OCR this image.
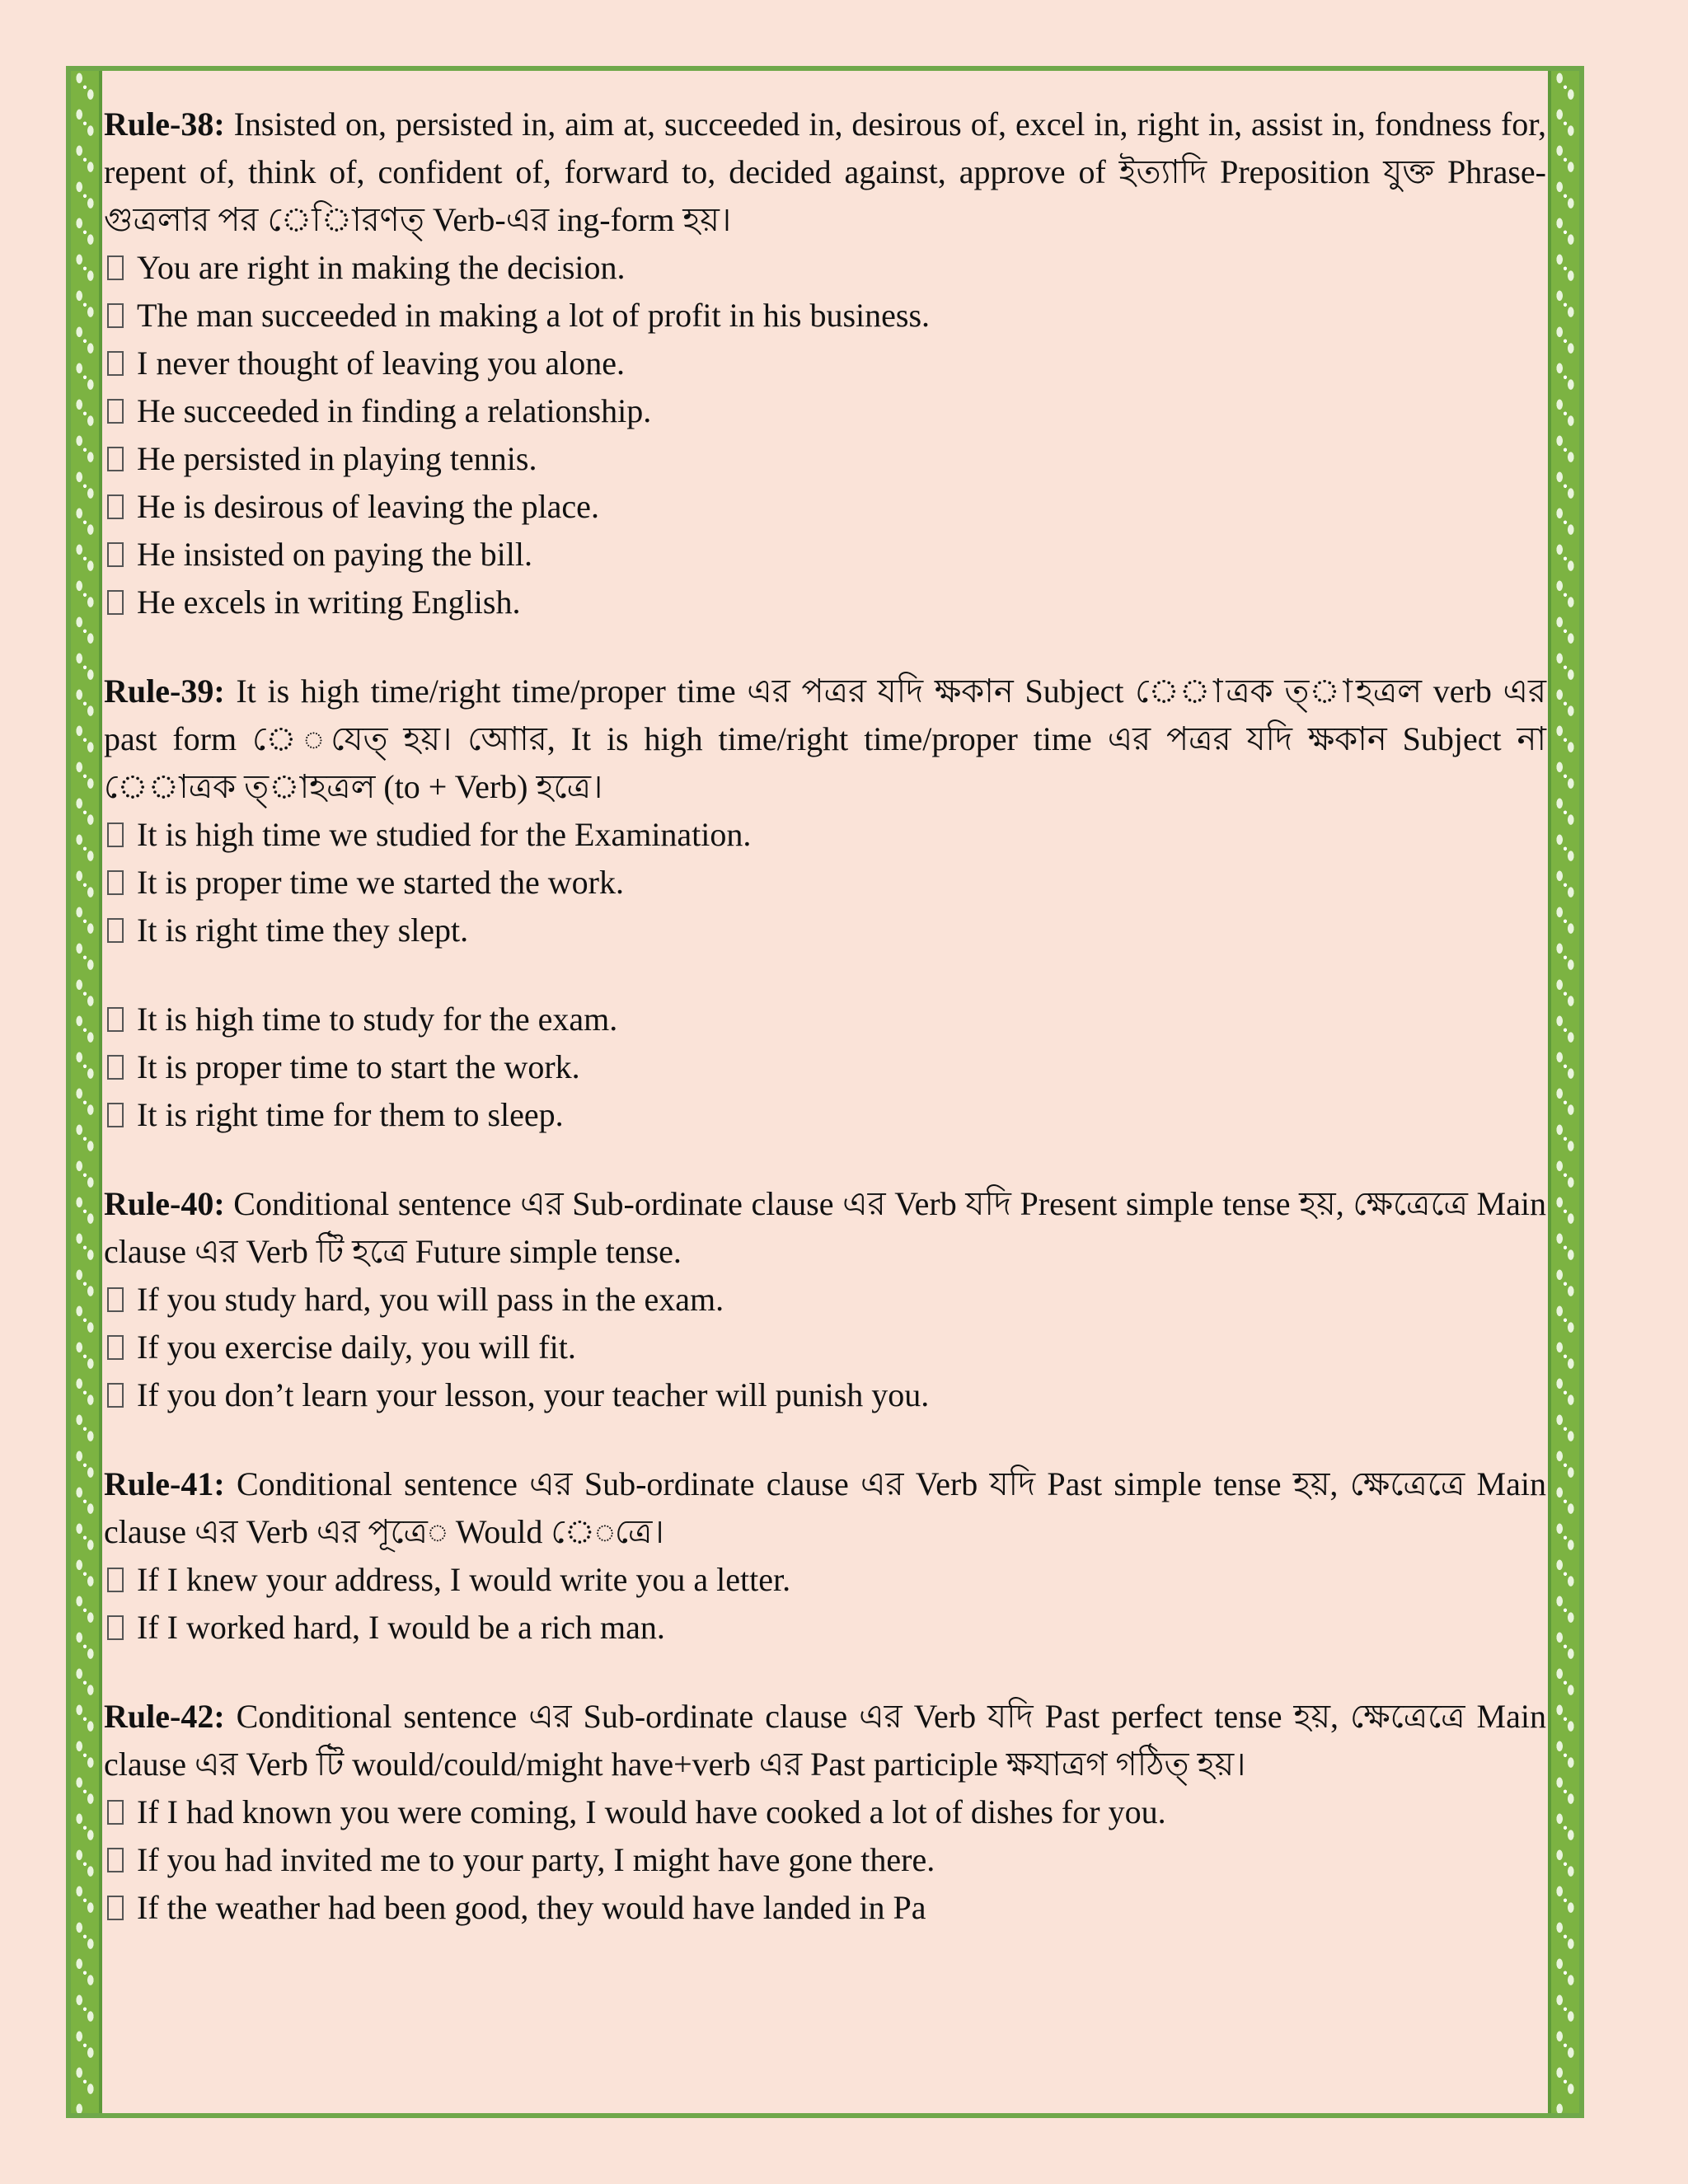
Rule-38: Insisted on, persisted in, aim at, succeeded in, desirous of, excel in, right in, assist in, fondness for, repent of, think of, confident of, forward to, decided against, approve of ইত্যাদি Preposition যুক্ত Phrase-গুত্রলার পর ে◌ািরণত্ Verb-এর ing-form হয়।

You are right in making the decision.
The man succeeded in making a lot of profit in his business.
I never thought of leaving you alone.
He succeeded in finding a relationship.
He persisted in playing tennis.
He is desirous of leaving the place.
He insisted on paying the bill.
He excels in writing English.

Rule-39: It is high time/right time/proper time এর পত্রর যদি ক্ষকান Subject ে◌াত্রক ত্◌াহত্রল verb এর past form ে◌যেত্ হয়। আোর, It is high time/right time/proper time এর পত্রর যদি ক্ষকান Subject না ে◌াত্রক ত্◌াহত্রল (to + Verb) হত্রে।

It is high time we studied for the Examination.
It is proper time we started the work.
It is right time they slept.
It is high time to study for the exam.
It is proper time to start the work.
It is right time for them to sleep.

Rule-40: Conditional sentence এর Sub-ordinate clause এর Verb যদি Present simple tense হয়, ক্ষেত্রেত্রে Main clause এর Verb টি হত্রে Future simple tense.

If you study hard, you will pass in the exam.
If you exercise daily, you will fit.
If you don’t learn your lesson, your teacher will punish you.

Rule-41: Conditional sentence এর Sub-ordinate clause এর Verb যদি Past simple tense হয়, ক্ষেত্রেত্রে Main clause এর Verb এর পূত্রে◌ Would ে◌ত্রে।

If I knew your address, I would write you a letter.
If I worked hard, I would be a rich man.

Rule-42: Conditional sentence এর Sub-ordinate clause এর Verb যদি Past perfect tense হয়, ক্ষেত্রেত্রে Main clause এর Verb টি would/could/might have+verb এর Past participle ক্ষযাত্রগ গঠিত্ হয়।

If I had known you were coming, I would have cooked a lot of dishes for you.
If you had invited me to your party, I might have gone there.
If the weather had been good, they would have landed in Pa
